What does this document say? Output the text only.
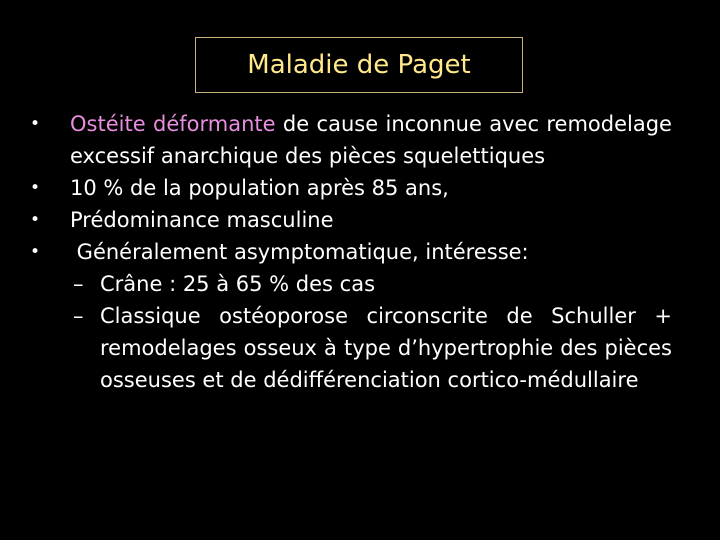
Maladie de Paget
• Ostéite déformante de cause inconnue avec remodelage excessif anarchique des pièces squelettiques
• 10 % de la population après 85 ans,
• Prédominance masculine
• Généralement asymptomatique, intéresse:
– Crâne : 25 à 65 % des cas
– Classique ostéoporose circonscrite de Schuller + remodelages osseux à type d’hypertrophie des pièces osseuses et de dédifférenciation cortico-médullaire
